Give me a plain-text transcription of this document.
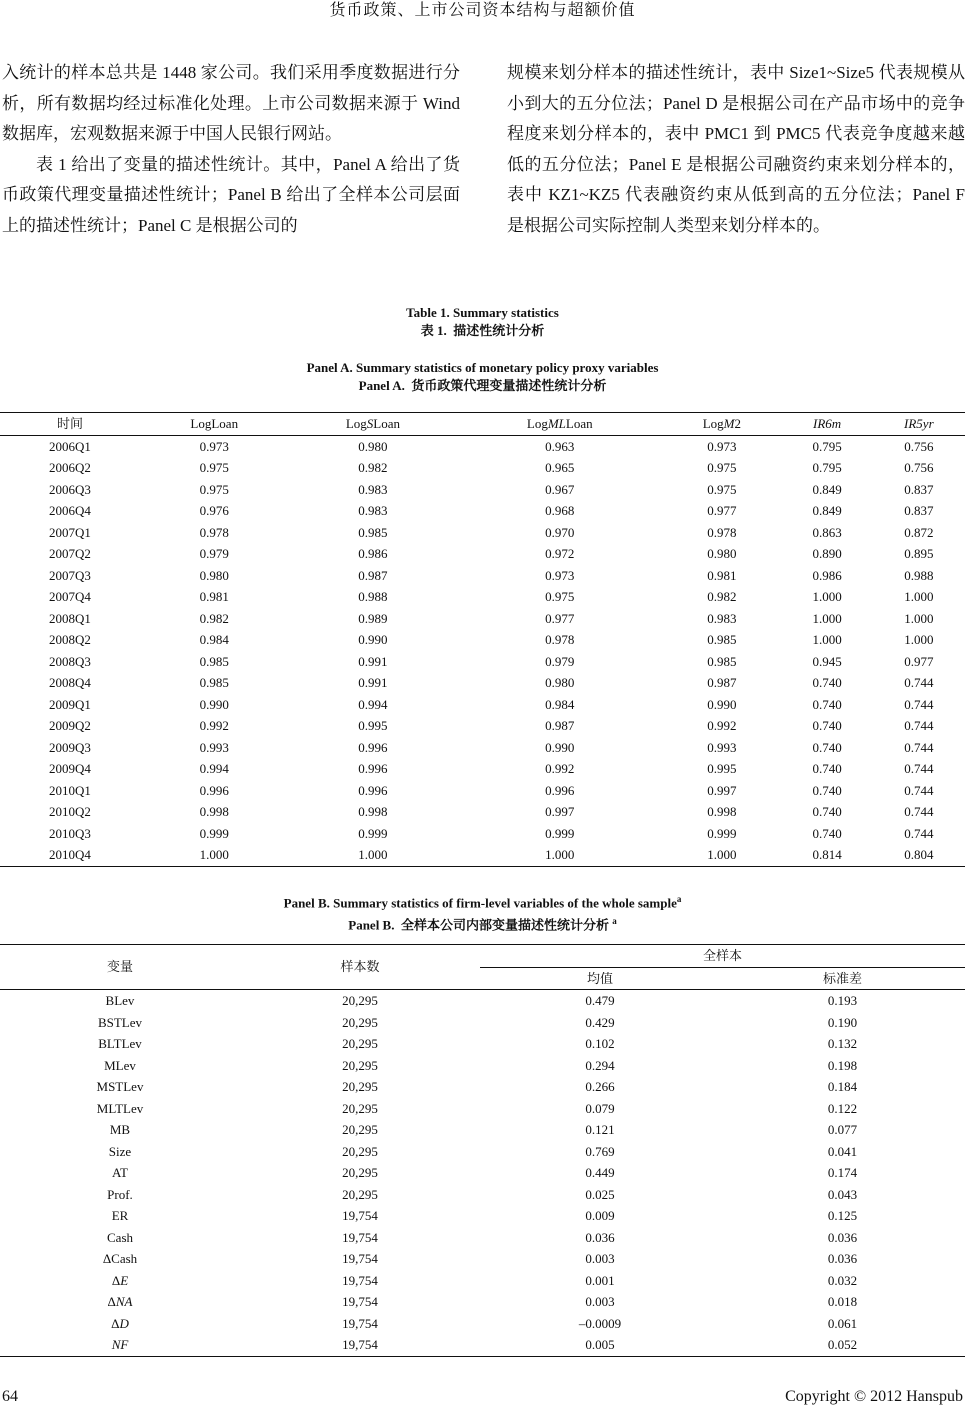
货币政策、上市公司资本结构与超额价值

入统计的样本总共是 1448 家公司。我们采用季度数据进行分析，所有数据均经过标准化处理。上市公司数据来源于 Wind 数据库，宏观数据来源于中国人民银行网站。

表 1 给出了变量的描述性统计。其中，Panel A 给出了货币政策代理变量描述性统计；Panel B 给出了全样本公司层面上的描述性统计；Panel C 是根据公司的

规模来划分样本的描述性统计，表中 Size1~Size5 代表规模从小到大的五分位法；Panel D 是根据公司在产品市场中的竞争程度来划分样本的，表中 PMC1 到 PMC5 代表竞争度越来越低的五分位法；Panel E 是根据公司融资约束来划分样本的，表中 KZ1~KZ5 代表融资约束从低到高的五分位法；Panel F 是根据公司实际控制人类型来划分样本的。

Table 1. Summary statistics
表 1. 描述性统计分析
Panel A. Summary statistics of monetary policy proxy variables
Panel A. 货币政策代理变量描述性统计分析
时间	LogLoan	LogSLoan	LogMLLoan	LogM2	IR6m	IR5yr
2006Q1	0.973	0.980	0.963	0.973	0.795	0.756
2006Q2	0.975	0.982	0.965	0.975	0.795	0.756
2006Q3	0.975	0.983	0.967	0.975	0.849	0.837
2006Q4	0.976	0.983	0.968	0.977	0.849	0.837
2007Q1	0.978	0.985	0.970	0.978	0.863	0.872
2007Q2	0.979	0.986	0.972	0.980	0.890	0.895
2007Q3	0.980	0.987	0.973	0.981	0.986	0.988
2007Q4	0.981	0.988	0.975	0.982	1.000	1.000
2008Q1	0.982	0.989	0.977	0.983	1.000	1.000
2008Q2	0.984	0.990	0.978	0.985	1.000	1.000
2008Q3	0.985	0.991	0.979	0.985	0.945	0.977
2008Q4	0.985	0.991	0.980	0.987	0.740	0.744
2009Q1	0.990	0.994	0.984	0.990	0.740	0.744
2009Q2	0.992	0.995	0.987	0.992	0.740	0.744
2009Q3	0.993	0.996	0.990	0.993	0.740	0.744
2009Q4	0.994	0.996	0.992	0.995	0.740	0.744
2010Q1	0.996	0.996	0.996	0.997	0.740	0.744
2010Q2	0.998	0.998	0.997	0.998	0.740	0.744
2010Q3	0.999	0.999	0.999	0.999	0.740	0.744
2010Q4	1.000	1.000	1.000	1.000	0.814	0.804
Panel B. Summary statistics of firm-level variables of the whole sample$^a$
Panel B. 全样本公司内部变量描述性统计分析 $^a$
变量	样本数	全样本	
		均值	标准差
BLev	20,295	0.479	0.193
BSTLev	20,295	0.429	0.190
BLTLev	20,295	0.102	0.132
MLev	20,295	0.294	0.198
MSTLev	20,295	0.266	0.184
MLTLev	20,295	0.079	0.122
MB	20,295	0.121	0.077
Size	20,295	0.769	0.041
AT	20,295	0.449	0.174
Prof.	20,295	0.025	0.043
ER	19,754	0.009	0.125
Cash	19,754	0.036	0.036
ΔCash	19,754	0.003	0.036
ΔE	19,754	0.001	0.032
ΔNA	19,754	0.003	0.018
ΔD	19,754	–0.0009	0.061
NF	19,754	0.005	0.052
64	Copyright © 2012 Hanspub
